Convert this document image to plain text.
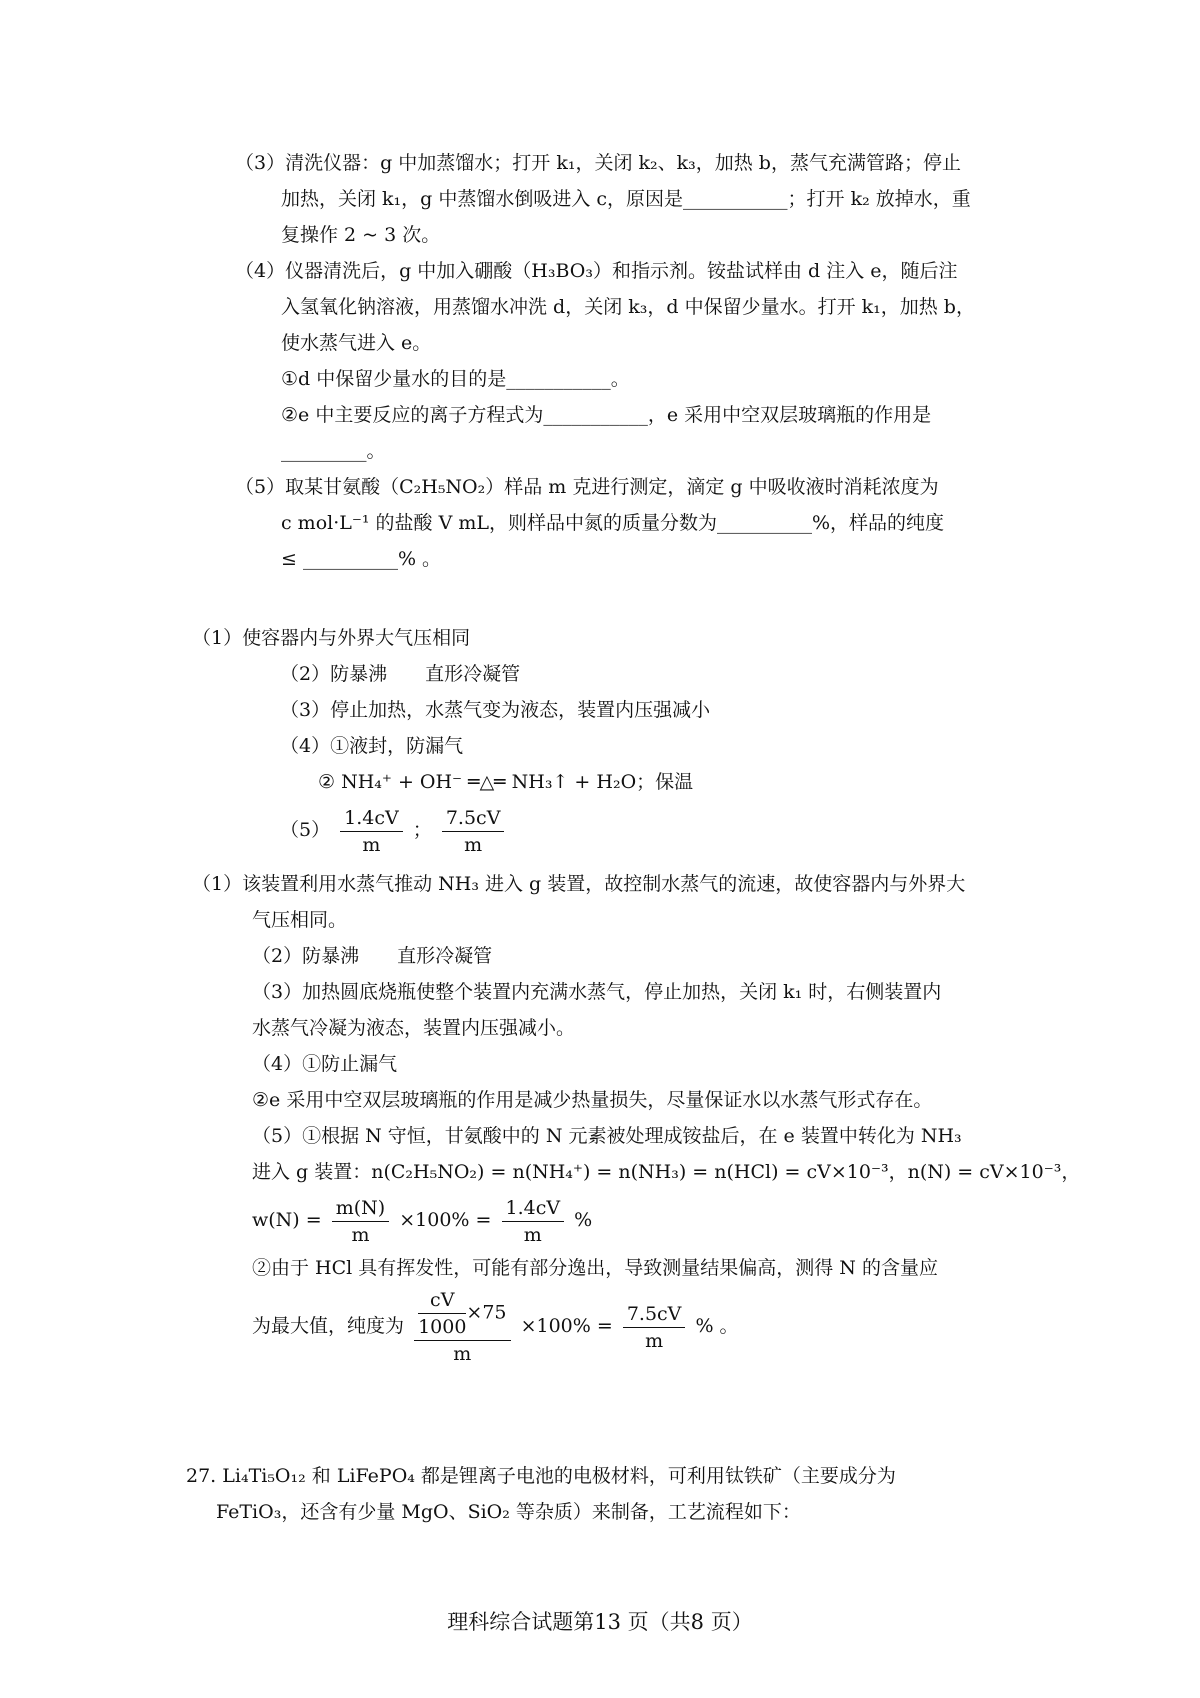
（3）清洗仪器：g 中加蒸馏水；打开 k₁，关闭 k₂、k₃，加热 b，蒸气充满管路；停止
加热，关闭 k₁，g 中蒸馏水倒吸进入 c，原因是___________；打开 k₂ 放掉水，重
复操作 2 ~ 3 次。
（4）仪器清洗后，g 中加入硼酸（H₃BO₃）和指示剂。铵盐试样由 d 注入 e，随后注
入氢氧化钠溶液，用蒸馏水冲洗 d，关闭 k₃，d 中保留少量水。打开 k₁，加热 b，
使水蒸气进入 e。
①d 中保留少量水的目的是___________。
②e 中主要反应的离子方程式为___________，e 采用中空双层玻璃瓶的作用是
_________。
（5）取某甘氨酸（C₂H₅NO₂）样品 m 克进行测定，滴定 g 中吸收液时消耗浓度为
c mol·L⁻¹ 的盐酸 V mL，则样品中氮的质量分数为__________%，样品的纯度
≤ __________% 。
（1）使容器内与外界大气压相同
（2）防暴沸　　直形冷凝管
（3）停止加热，水蒸气变为液态，装置内压强减小
（4）①液封，防漏气
② NH₄⁺ + OH⁻ ═△═ NH₃↑ + H₂O；保温
$(5) \frac{1.4cV}{m}$ ； $\frac{7.5cV}{m}$
（1）该装置利用水蒸气推动 NH₃ 进入 g 装置，故控制水蒸气的流速，故使容器内与外界大
气压相同。
（2）防暴沸　　直形冷凝管
（3）加热圆底烧瓶使整个装置内充满水蒸气，停止加热，关闭 k₁ 时，右侧装置内
水蒸气冷凝为液态，装置内压强减小。
（4）①防止漏气
②e 采用中空双层玻璃瓶的作用是减少热量损失，尽量保证水以水蒸气形式存在。
（5）①根据 N 守恒，甘氨酸中的 N 元素被处理成铵盐后，在 e 装置中转化为 NH₃
进入 g 装置：n(C₂H₅NO₂) = n(NH₄⁺) = n(NH₃) = n(HCl) = cV×10⁻³，n(N) = cV×10⁻³，
$w(N) = \frac{m(N)}{m} \times 100\% = \frac{1.4cV}{m}$ %
②由于 HCl 具有挥发性，可能有部分逸出，导致测量结果偏高，测得 N 的含量应
为最大值，纯度为 $\frac{\frac{cV}{1000} \times 75}{m} \times 100\% = \frac{7.5cV}{m}$ % 。
27. Li₄Ti₅O₁₂ 和 LiFePO₄ 都是锂离子电池的电极材料，可利用钛铁矿（主要成分为
FeTiO₃，还含有少量 MgO、SiO₂ 等杂质）来制备，工艺流程如下：
理科综合试题第13 页（共8 页）
